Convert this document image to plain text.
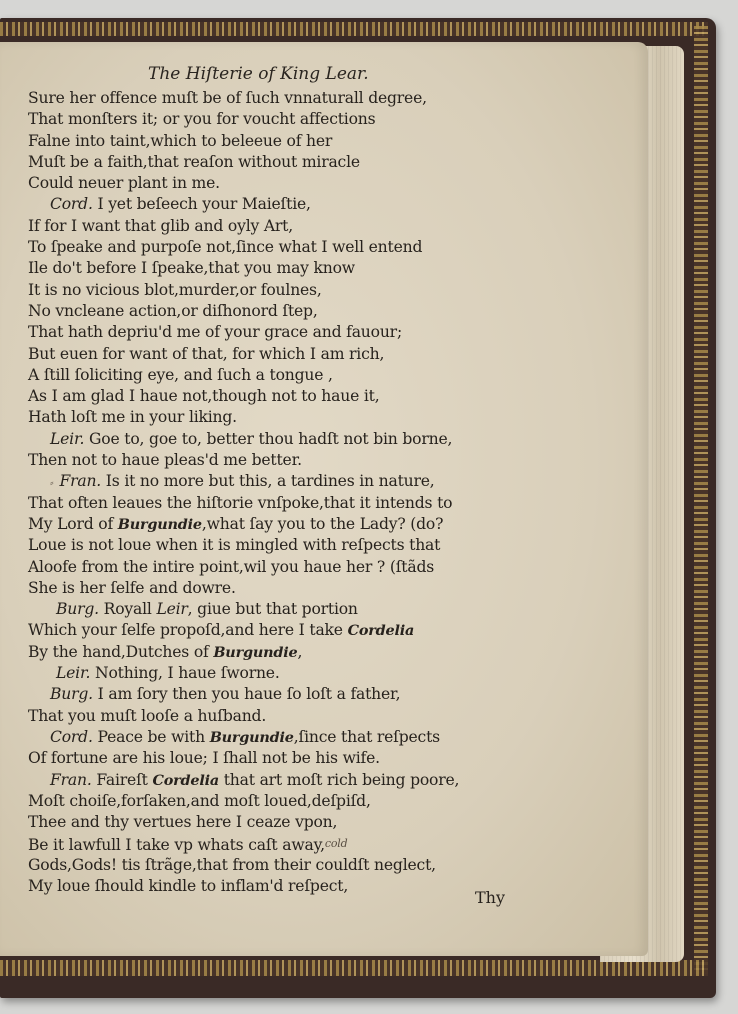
The Hiſterie of King Lear.
Sure her offence muſt be of ſuch vnnaturall degree,
That monſters it; or you for voucht affections
Falne into taint,which to beleeue of her
Muſt be a faith,that reaſon without miracle
Could neuer plant in me.
Cord. I yet beſeech your Maieſtie,
If for I want that glib and oyly Art,
To ſpeake and purpoſe not,ſince what I well entend
Ile do't before I ſpeake,that you may know
It is no vicious blot,murder,or foulnes,
No vncleane action,or diſhonord ſtep,
That hath depriu'd me of your grace and fauour;
But euen for want of that, for which I am rich,
A ſtill ſoliciting eye, and ſuch a tongue ,
As I am glad I haue not,though not to haue it,
Hath loſt me in your liking.
Leir. Goe to, goe to, better thou hadſt not bin borne,
Then not to haue pleas'd me better.
⸗ Fran. Is it no more but this, a tardines in nature,
That often leaues the hiſtorie vnſpoke,that it intends to
My Lord of Burgundie,what ſay you to the Lady? (do?
Loue is not loue when it is mingled with reſpects that
Aloofe from the intire point,wil you haue her ? (ſtãds
She is her ſelfe and dowre.
Burg. Royall Leir, giue but that portion
Which your ſelfe propoſd,and here I take Cordelia
By the hand,Dutches of Burgundie,
Leir. Nothing, I haue ſworne.
Burg. I am ſory then you haue ſo loſt a father,
That you muſt looſe a huſband.
Cord. Peace be with Burgundie,ſince that reſpects
Of fortune are his loue; I ſhall not be his wife.
Fran. Faireſt Cordelia that art moſt rich being poore,
Moſt choiſe,forſaken,and moſt loued,deſpiſd,
Thee and thy vertues here I ceaze vpon,
Be it lawfull I take vp whats caſt away,cold
Gods,Gods! tis ſtrãge,that from their couldſt neglect,
My loue ſhould kindle to inflam'd reſpect,
Thy
